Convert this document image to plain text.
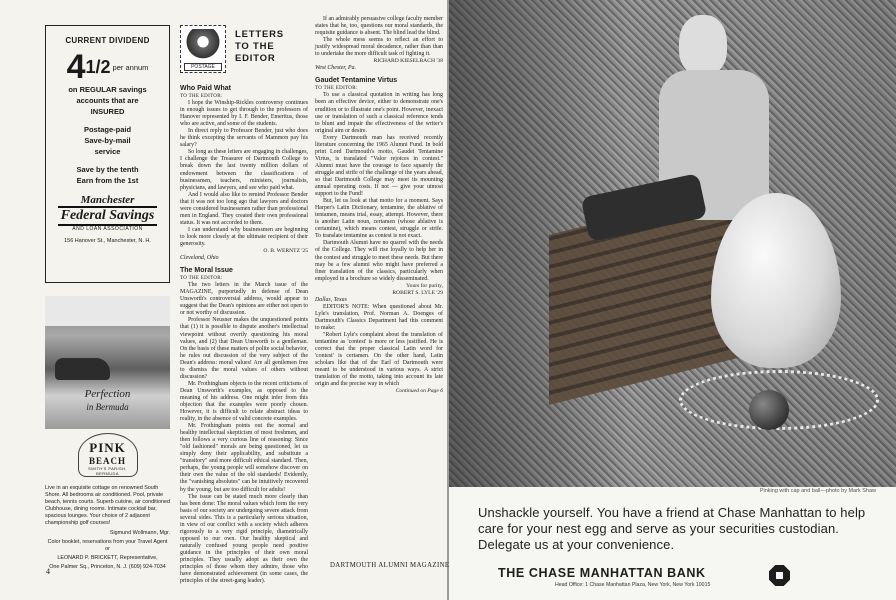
CURRENT DIVIDEND
4 1/2 per annum
on REGULAR savings
accounts that are
INSURED
Postage-paid
Save-by-mail
service
Save by the tenth
Earn from the 1st
Manchester
Federal Savings
AND LOAN ASSOCIATION
156 Hanover St., Manchester, N. H.
Perfection
in Bermuda
PINK
BEACH
SMITH'S PARISH, BERMUDA
Live in an exquisite cottage on renowned South Shore. All bedrooms air conditioned. Pool, private beach, tennis courts. Superb cuisine, air conditioned Clubhouse, dining rooms. Intimate cocktail bar, spacious lounges. Your choice of 2 adjacent championship golf courses!
Sigmund Wollmann, Mgr.
Color booklet, reservations from your Travel Agent or
LEONARD P. BRICKETT, Representative,
One Palmer Sq., Princeton, N. J. (609) 924-7034
4
POSTAGE
LETTERS
TO THE
EDITOR

Who Paid What

TO THE EDITOR:

I hope the Winship-Rickles controversy continues in enough issues to get through to the professors of Hanover represented by I. F. Bender, Emeritus, those who are active, and some of the students.

In direct reply to Professor Bender, just who does he think excepting the servants of Mammon pay his salary?

So long as these letters are engaging in challenges, I challenge the Treasurer of Dartmouth College to break down the last twenty million dollars of endowment between the classifications of businessmen, teachers, ministers, journalists, physicians, and lawyers, and see who paid what.

And I would also like to remind Professor Bender that it was not too long ago that lawyers and doctors were considered businessmen rather than professional men in England. They created their own professional status. It was not accorded to them.

I can understand why businessmen are beginning to look more closely at the ultimate recipient of their generosity.

O. B. WERNTZ '25

Cleveland, Ohio

The Moral Issue

TO THE EDITOR:

The two letters in the March issue of the MAGAZINE, purportedly in defense of Dean Unsworth's controversial address, would appear to suggest that the Dean's opinions are either not open to or not worthy of discussion.

Professor Neusner makes the unquestioned points that (1) it is possible to dispute another's intellectual viewpoint without overtly questioning his moral values, and (2) that Dean Unsworth is a gentleman. On the basis of these matters of polite social behavior, he rules out discussion of the very subject of the Dean's address: moral values! Are all gentlemen free to dismiss the moral values of others without discussion?

Mr. Frothingham objects to the recent criticisms of Dean Unsworth's examples, as opposed to the meaning of his address. One might infer from this objection that the examples were poorly chosen. However, it is difficult to relate abstract ideas to reality, in the absence of valid concrete examples.

Mr. Frothingham points out the normal and healthy intellectual skepticism of most freshmen, and then follows a very curious line of reasoning: Since "old fashioned" morals are being questioned, let us simply deny their applicability, and substitute a "transitory" and more difficult ethical standard. Then, perhaps, the young people will somehow discover on their own the value of the old standards! Evidently, the "vanishing absolutes" can be intuitively recovered by the young, but are too difficult for adults!

The issue can be stated much more clearly than has been done: The moral values which form the very basis of our society are undergoing severe attack from several sides. This is a particularly serious situation, in view of our conflict with a society which adheres rigorously to a very rigid principle, diametrically opposed to our own. Our healthy skeptical and naturally confused young people need positive guidance in the principles of their own moral principles. They usually adopt as their own the principles of those whom they admire, those who have demonstrated achievement (in some cases, the principles of the street-gang leader).

If an admirably persuasive college faculty member states that he, too, questions our moral standards, the requisite guidance is absent. The blind lead the blind.

The whole mess seems to reflect an effort to justify widespread moral decadence, rather than than to undertake the more difficult task of fighting it.

RICHARD KIESELBACH '38

West Chester, Pa.

Gaudet Tentamine Virtus

TO THE EDITOR:

To use a classical quotation in writing has long been an effective device, either to demonstrate one's erudition or to illustrate one's point. However, inexact use or translation of such a classical reference tends to blunt and impair the effectiveness of the writer's original aim or desire.

Every Dartmouth man has received recently literature concerning the 1965 Alumni Fund. In bold print Lord Dartmouth's motto, Gaudet Tentamine Virtus, is translated "Valor rejoices in contest." Alumni must have the courage to face squarely the struggle and strife of the challenge of the years ahead, so that Dartmouth College may meet its mounting annual operating costs. If not — give your utmost support to the Fund!

But, let us look at that motto for a moment. Says Harper's Latin Dictionary, tentamine, the ablative of tentamen, means trial, essay, attempt. However, there is another Latin noun, certamen (whose ablative is certamine), which means contest, struggle or strife. To translate tentamine as contest is not exact.

Dartmouth Alumni have no quarrel with the needs of the College. They will rise loyally to help her in the contest and struggle to meet these needs. But there may be a few alumni who might have preferred a finer translation of the classics, particularly when employed in a brochure so widely disseminated.

Yours for purity,

ROBERT S. LYLE '29

Dallas, Texas

EDITOR'S NOTE: When questioned about Mr. Lyle's translation, Prof. Norman A. Doenges of Dartmouth's Classics Department had this comment to make:

"Robert Lyle's complaint about the translation of tentamine as 'contest' is more or less justified. He is correct that the proper classical Latin word for 'contest' is certamen. On the other hand, Latin scholars like that of the Earl of Dartmouth were meant to be understood in various ways. A strict translation of the motto, taking into account its late origin and the precise way in which

Continued on Page 6

DARTMOUTH ALUMNI MAGAZINE
Pinking with cap and ball—photo by Mark Shaw
Unshackle yourself. You have a friend at Chase Manhattan to help care for your nest egg and serve as your securities custodian. Delegate us at your convenience.
THE CHASE MANHATTAN BANK
Head Office: 1 Chase Manhattan Plaza, New York, New York 10015
